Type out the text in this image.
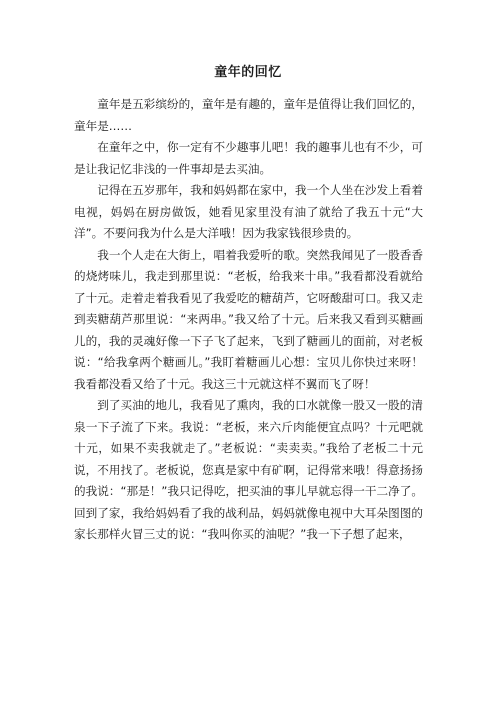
童年的回忆

童年是五彩缤纷的，童年是有趣的，童年是值得让我们回忆的，童年是……

在童年之中，你一定有不少趣事儿吧！我的趣事儿也有不少，可是让我记忆非浅的一件事却是去买油。

记得在五岁那年，我和妈妈都在家中，我一个人坐在沙发上看着电视，妈妈在厨房做饭，她看见家里没有油了就给了我五十元“大洋”。不要问我为什么是大洋哦！因为我家钱很珍贵的。

我一个人走在大街上，唱着我爱听的歌。突然我闻见了一股香香的烧烤味儿，我走到那里说：“老板，给我来十串。”我看都没看就给了十元。走着走着我看见了我爱吃的糖葫芦，它呀酸甜可口。我又走到卖糖葫芦那里说：“来两串。”我又给了十元。后来我又看到买糖画儿的，我的灵魂好像一下子飞了起来，飞到了糖画儿的面前，对老板说：“给我拿两个糖画儿。”我盯着糖画儿心想：宝贝儿你快过来呀！我看都没看又给了十元。我这三十元就这样不翼而飞了呀！

到了买油的地儿，我看见了熏肉，我的口水就像一股又一股的清泉一下子流了下来。我说：“老板，来六斤肉能便宜点吗？十元吧就十元，如果不卖我就走了。”老板说：“卖卖卖。”我给了老板二十元说，不用找了。老板说，您真是家中有矿啊，记得常来哦！得意扬扬的我说：“那是！”我只记得吃，把买油的事儿早就忘得一干二净了。回到了家，我给妈妈看了我的战利品，妈妈就像电视中大耳朵图图的家长那样火冒三丈的说：“我叫你买的油呢？”我一下子想了起来，
